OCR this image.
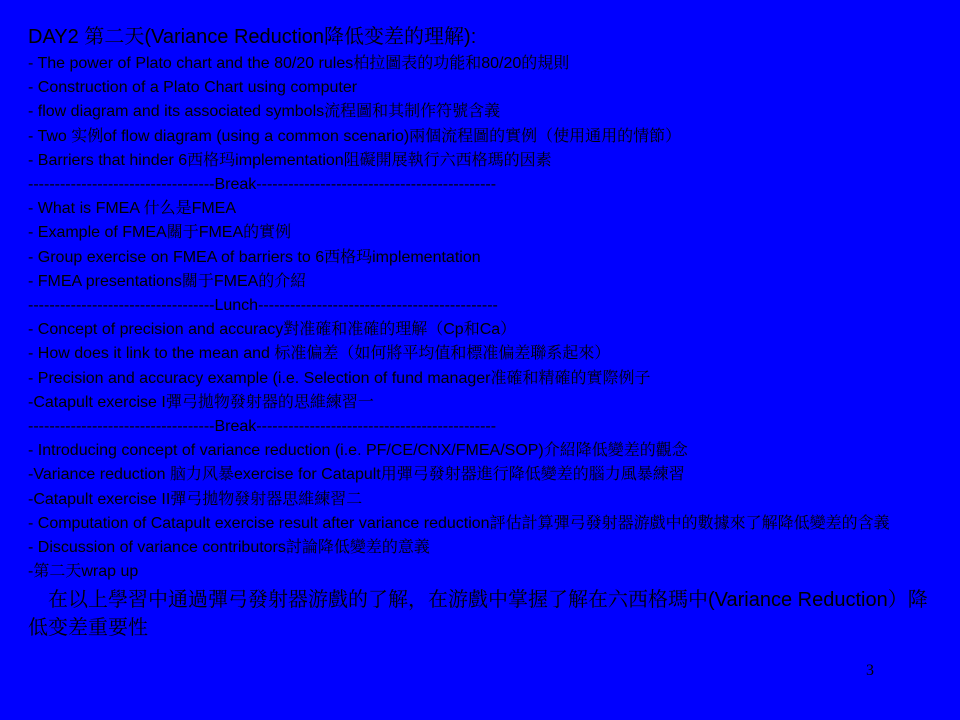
DAY2 第二天(Variance Reduction降低变差的理解):
- The power of Plato chart and the 80/20 rules柏拉圖表的功能和80/20的規則
- Construction of a Plato Chart using computer
- flow diagram and its associated symbols流程圖和其制作符號含義
- Two 实例of flow diagram (using a common scenario)兩個流程圖的實例（使用通用的情節）
- Barriers that hinder 6西格玛implementation阻礙開展執行六西格瑪的因素
-----------------------------------Break---------------------------------------------
- What is FMEA 什么是FMEA
- Example of FMEA關于FMEA的實例
- Group exercise on FMEA of barriers to 6西格玛implementation
- FMEA presentations關于FMEA的介紹
-----------------------------------Lunch---------------------------------------------
- Concept of precision and accuracy對准確和准確的理解（Cp和Ca）
- How does it link to the mean and 标准偏差（如何將平均值和標准偏差聯系起來）
- Precision and accuracy example (i.e. Selection of fund manager准確和精確的實際例子
-Catapult exercise I彈弓拋物發射器的思維練習一
-----------------------------------Break---------------------------------------------
- Introducing concept of variance reduction (i.e. PF/CE/CNX/FMEA/SOP)介紹降低變差的觀念
-Variance reduction 脑力风暴exercise for Catapult用彈弓發射器進行降低變差的腦力風暴練習
-Catapult exercise II彈弓拋物發射器思維練習二
- Computation of Catapult exercise result after variance reduction評估計算彈弓發射器游戲中的數據來了解降低變差的含義
- Discussion of variance contributors討論降低變差的意義
-第二天wrap up
　在以上學習中通過彈弓發射器游戲的了解，在游戲中掌握了解在六西格瑪中(Variance Reduction）降低变差重要性
3
